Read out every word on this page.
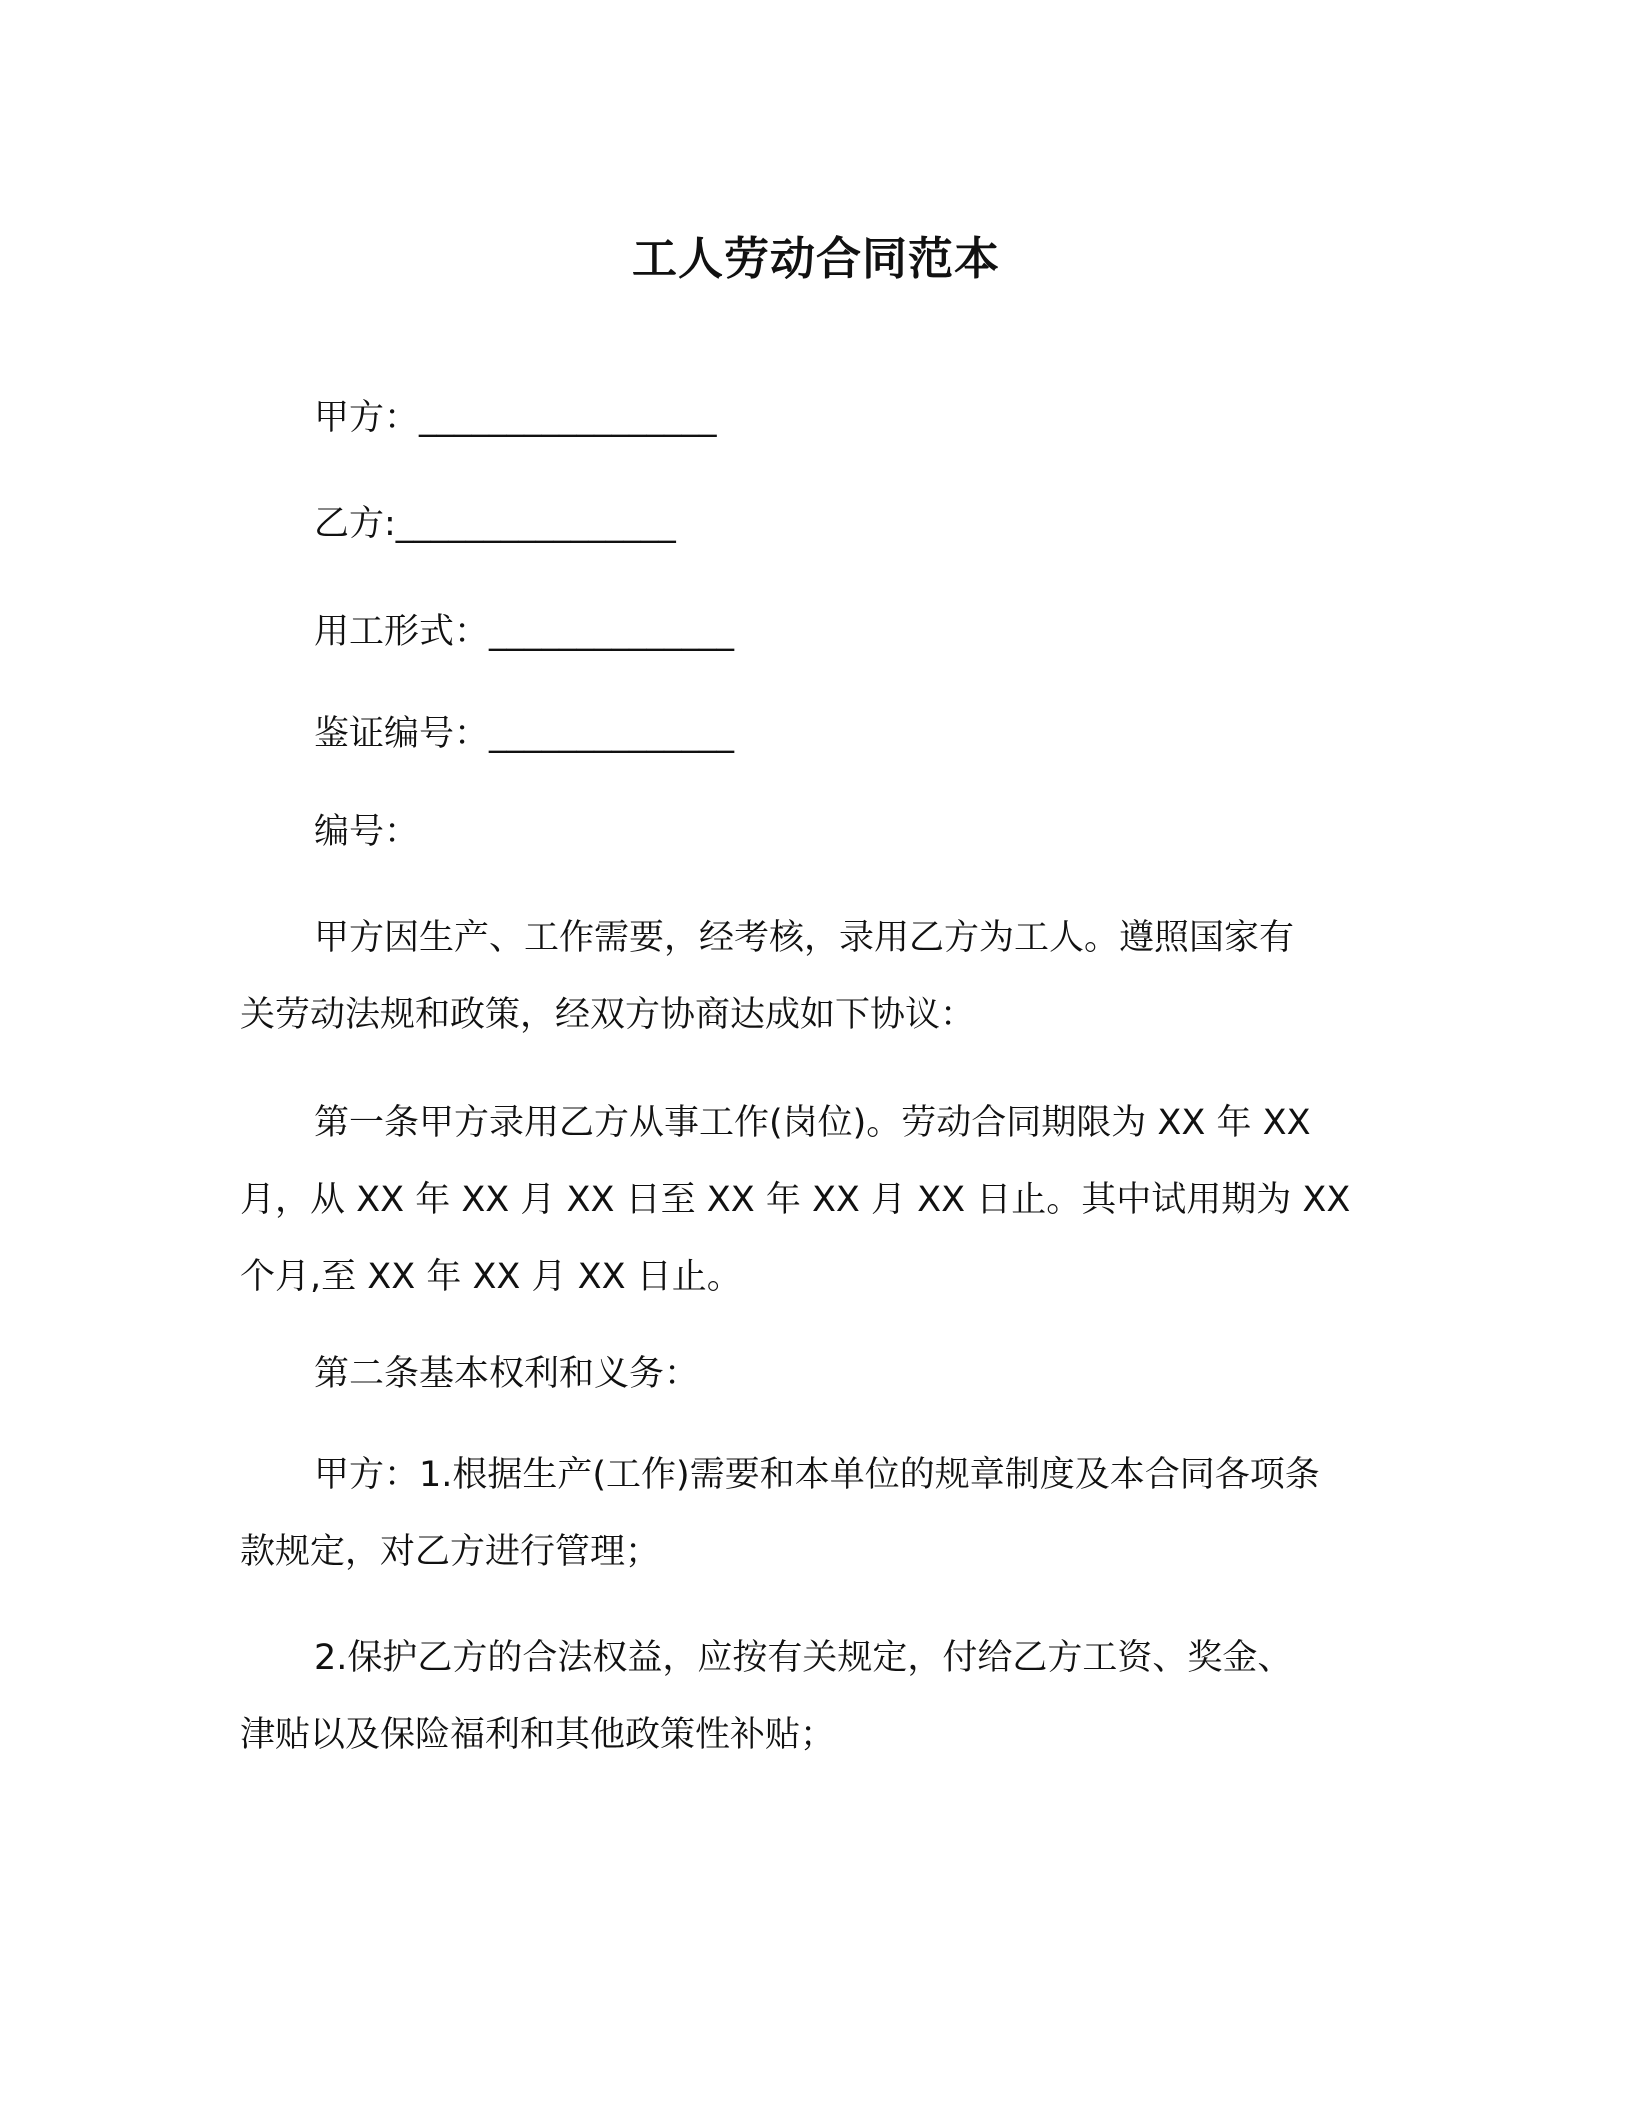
工人劳动合同范本

甲方：_________________

乙方:________________

用工形式：______________

鉴证编号：______________

编号：

甲方因生产、工作需要，经考核，录用乙方为工人。遵照国家有
关劳动法规和政策，经双方协商达成如下协议：
第一条甲方录用乙方从事工作(岗位)。劳动合同期限为 XX 年 XX
月，从 XX 年 XX 月 XX 日至 XX 年 XX 月 XX 日止。其中试用期为 XX
个月,至 XX 年 XX 月 XX 日止。
第二条基本权利和义务：
甲方：1.根据生产(工作)需要和本单位的规章制度及本合同各项条
款规定，对乙方进行管理；
2.保护乙方的合法权益，应按有关规定，付给乙方工资、奖金、
津贴以及保险福利和其他政策性补贴；
